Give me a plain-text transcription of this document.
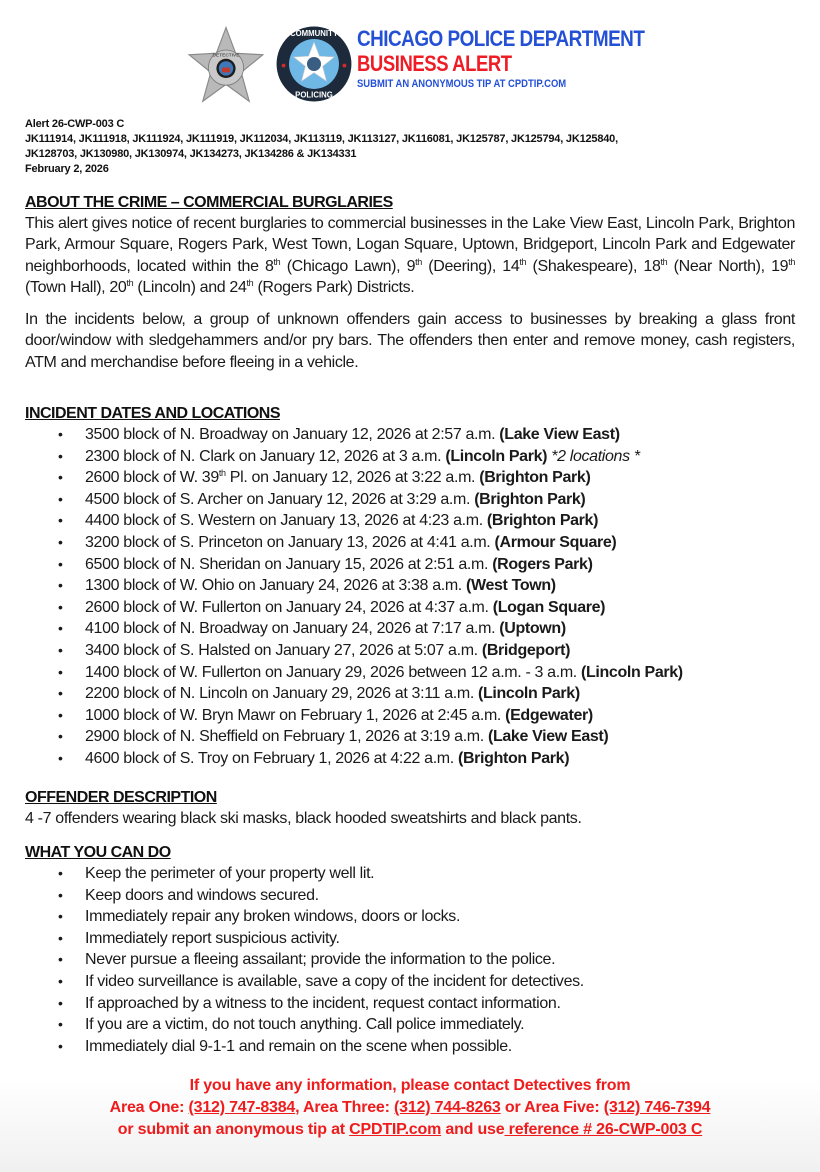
DETECTIVE
COMMUNITY
POLICING
CHICAGO POLICE DEPARTMENT
BUSINESS ALERT
SUBMIT AN ANONYMOUS TIP AT CPDTIP.COM
Alert 26-CWP-003 C
JK111914, JK111918, JK111924, JK111919, JK112034, JK113119, JK113127, JK116081, JK125787, JK125794, JK125840,
JK128703, JK130980, JK130974, JK134273, JK134286 & JK134331
February 2, 2026
ABOUT THE CRIME – COMMERCIAL BURGLARIES
This alert gives notice of recent burglaries to commercial businesses in the Lake View East, Lincoln Park, Brighton Park, Armour Square, Rogers Park, West Town, Logan Square, Uptown, Bridgeport, Lincoln Park and Edgewater neighborhoods, located within the 8th (Chicago Lawn), 9th (Deering), 14th (Shakespeare), 18th (Near North), 19th (Town Hall), 20th (Lincoln) and 24th (Rogers Park) Districts.
In the incidents below, a group of unknown offenders gain access to businesses by breaking a glass front door/window with sledgehammers and/or pry bars. The offenders then enter and remove money, cash registers, ATM and merchandise before fleeing in a vehicle.
INCIDENT DATES AND LOCATIONS
• 3500 block of N. Broadway on January 12, 2026 at 2:57 a.m. (Lake View East)
• 2300 block of N. Clark on January 12, 2026 at 3 a.m. (Lincoln Park) *2 locations *
• 2600 block of W. 39th Pl. on January 12, 2026 at 3:22 a.m. (Brighton Park)
• 4500 block of S. Archer on January 12, 2026 at 3:29 a.m. (Brighton Park)
• 4400 block of S. Western on January 13, 2026 at 4:23 a.m. (Brighton Park)
• 3200 block of S. Princeton on January 13, 2026 at 4:41 a.m. (Armour Square)
• 6500 block of N. Sheridan on January 15, 2026 at 2:51 a.m. (Rogers Park)
• 1300 block of W. Ohio on January 24, 2026 at 3:38 a.m. (West Town)
• 2600 block of W. Fullerton on January 24, 2026 at 4:37 a.m. (Logan Square)
• 4100 block of N. Broadway on January 24, 2026 at 7:17 a.m. (Uptown)
• 3400 block of S. Halsted on January 27, 2026 at 5:07 a.m. (Bridgeport)
• 1400 block of W. Fullerton on January 29, 2026 between 12 a.m. - 3 a.m. (Lincoln Park)
• 2200 block of N. Lincoln on January 29, 2026 at 3:11 a.m. (Lincoln Park)
• 1000 block of W. Bryn Mawr on February 1, 2026 at 2:45 a.m. (Edgewater)
• 2900 block of N. Sheffield on February 1, 2026 at 3:19 a.m. (Lake View East)
• 4600 block of S. Troy on February 1, 2026 at 4:22 a.m. (Brighton Park)
OFFENDER DESCRIPTION
4 -7 offenders wearing black ski masks, black hooded sweatshirts and black pants.
WHAT YOU CAN DO
• Keep the perimeter of your property well lit.
• Keep doors and windows secured.
• Immediately repair any broken windows, doors or locks.
• Immediately report suspicious activity.
• Never pursue a fleeing assailant; provide the information to the police.
• If video surveillance is available, save a copy of the incident for detectives.
• If approached by a witness to the incident, request contact information.
• If you are a victim, do not touch anything. Call police immediately.
• Immediately dial 9-1-1 and remain on the scene when possible.
If you have any information, please contact Detectives from
Area One: (312) 747-8384, Area Three: (312) 744-8263 or Area Five: (312) 746-7394
or submit an anonymous tip at CPDTIP.com and use reference # 26-CWP-003 C
